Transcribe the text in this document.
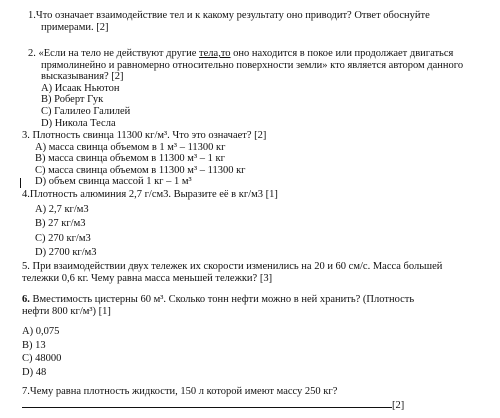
1.Что означает взаимодействие тел и к какому результату оно приводит? Ответ обоснуйте
примерами. [2]
2. «Если на тело не действуют другие тела,то оно находится в покое или продолжает двигаться
прямолинейно и равномерно относительно поверхности земли» кто является автором данного
высказывания? [2]
A) Исаак Ньютон
B) Роберт Гук
C) Галилео Галилей
D) Никола Тесла
3. Плотность свинца 11300 кг/м³. Что это означает? [2]
A) масса свинца объемом в 1 м³ – 11300 кг
B) масса свинца объемом в 11300 м³ – 1 кг
C) масса свинца объемом в 11300 м³ – 11300 кг
D) объем свинца массой 1 кг – 1 м³
4.Плотность алюминия 2,7 г/см3. Выразите её в кг/м3 [1]
A) 2,7 кг/м3
B) 27 кг/м3
C) 270 кг/м3
D) 2700 кг/м3
5. При взаимодействии двух тележек их скорости изменились на 20 и 60 см/с. Масса большей
тележки 0,6 кг. Чему равна масса меньшей тележки? [3]
6. Вместимость цистерны 60 м³. Сколько тонн нефти можно в ней хранить? (Плотность
нефти 800 кг/м³) [1]
A) 0,075
B) 13
C) 48000
D) 48
7.Чему равна плотность жидкости, 150 л которой имеют массу 250 кг?
[2]
